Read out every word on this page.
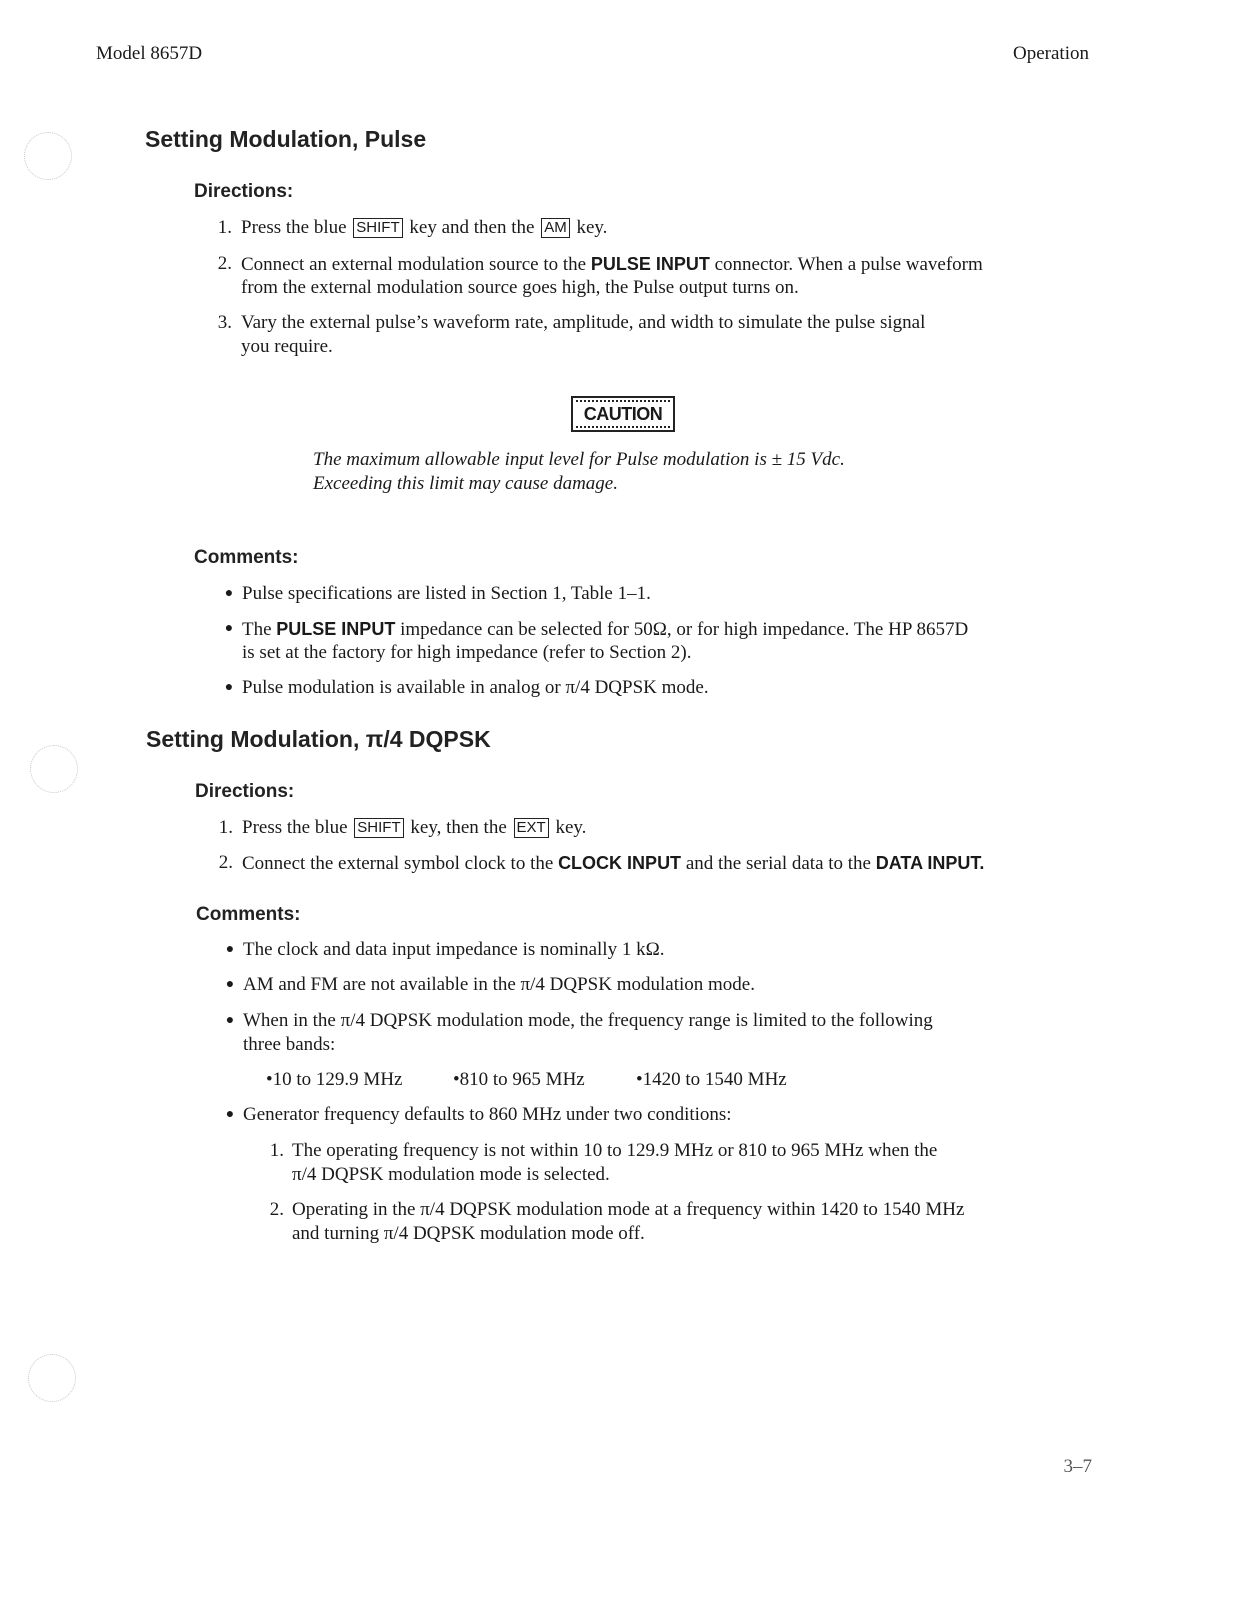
Model 8657D	Operation
Setting Modulation, Pulse
Directions:
1. Press the blue SHIFT key and then the AM key.
2. Connect an external modulation source to the PULSE INPUT connector. When a pulse waveform
from the external modulation source goes high, the Pulse output turns on.
3. Vary the external pulse’s waveform rate, amplitude, and width to simulate the pulse signal
you require.
CAUTION
The maximum allowable input level for Pulse modulation is ± 15 Vdc.
Exceeding this limit may cause damage.
Comments:
● Pulse specifications are listed in Section 1, Table 1–1.
● The PULSE INPUT impedance can be selected for 50Ω, or for high impedance. The HP 8657D
is set at the factory for high impedance (refer to Section 2).
● Pulse modulation is available in analog or π/4 DQPSK mode.
Setting Modulation, π/4 DQPSK
Directions:
1. Press the blue SHIFT key, then the EXT key.
2. Connect the external symbol clock to the CLOCK INPUT and the serial data to the DATA INPUT.
Comments:
● The clock and data input impedance is nominally 1 kΩ.
● AM and FM are not available in the π/4 DQPSK modulation mode.
● When in the π/4 DQPSK modulation mode, the frequency range is limited to the following
three bands:
•10 to 129.9 MHz	•810 to 965 MHz	•1420 to 1540 MHz
● Generator frequency defaults to 860 MHz under two conditions:
1. The operating frequency is not within 10 to 129.9 MHz or 810 to 965 MHz when the
π/4 DQPSK modulation mode is selected.
2. Operating in the π/4 DQPSK modulation mode at a frequency within 1420 to 1540 MHz
and turning π/4 DQPSK modulation mode off.
3–7
